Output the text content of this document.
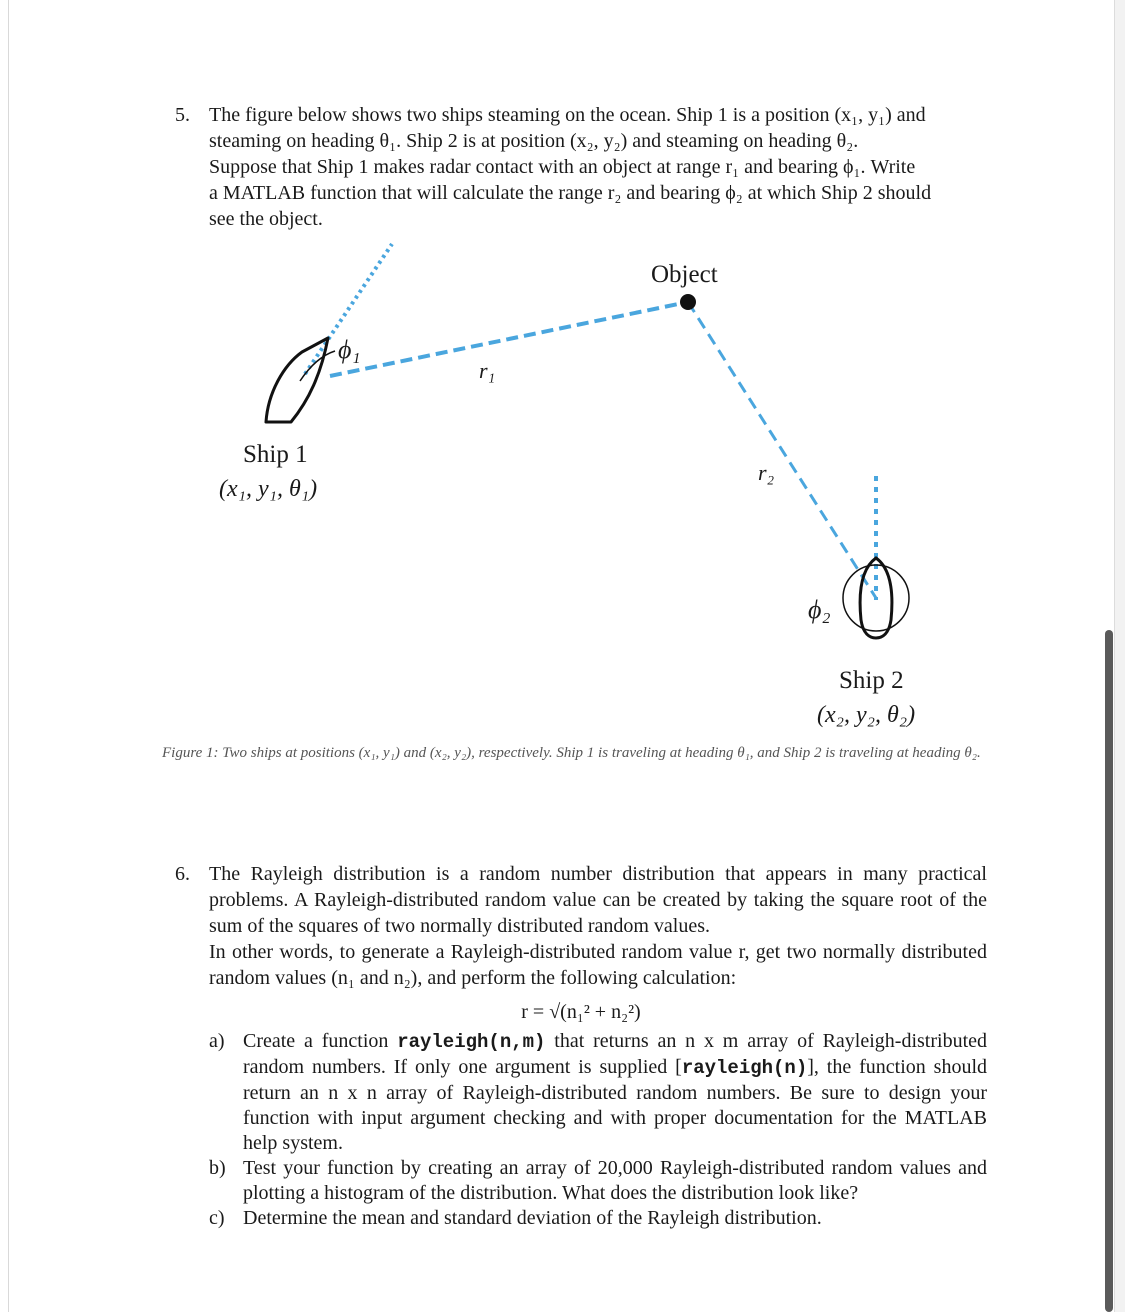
5. The figure below shows two ships steaming on the ocean. Ship 1 is a position (x₁, y₁) and

steaming on heading θ₁. Ship 2 is at position (x₂, y₂) and steaming on heading θ₂.

Suppose that Ship 1 makes radar contact with an object at range r₁ and bearing ϕ₁. Write

a MATLAB function that will calculate the range r₂ and bearing ϕ₂ at which Ship 2 should

see the object.

Object
ϕ₁
r₁
r₂
ϕ₂
Ship 1
(x₁, y₁, θ₁)
Ship 2
(x₂, y₂, θ₂)
Figure 1: Two ships at positions (x₁, y₁) and (x₂, y₂), respectively. Ship 1 is traveling at heading θ₁, and Ship 2 is traveling at heading θ₂.
6. The Rayleigh distribution is a random number distribution that appears in many practical problems. A Rayleigh-distributed random value can be created by taking the square root of the sum of the squares of two normally distributed random values.

In other words, to generate a Rayleigh-distributed random value r, get two normally distributed random values (n₁ and n₂), and perform the following calculation:

r = √(n₁² + n₂²)
a) Create a function rayleigh(n,m) that returns an n x m array of Rayleigh-distributed random numbers. If only one argument is supplied [rayleigh(n)], the function should return an n x n array of Rayleigh-distributed random numbers. Be sure to design your function with input argument checking and with proper documentation for the MATLAB help system.
b) Test your function by creating an array of 20,000 Rayleigh-distributed random values and plotting a histogram of the distribution. What does the distribution look like?
c) Determine the mean and standard deviation of the Rayleigh distribution.
